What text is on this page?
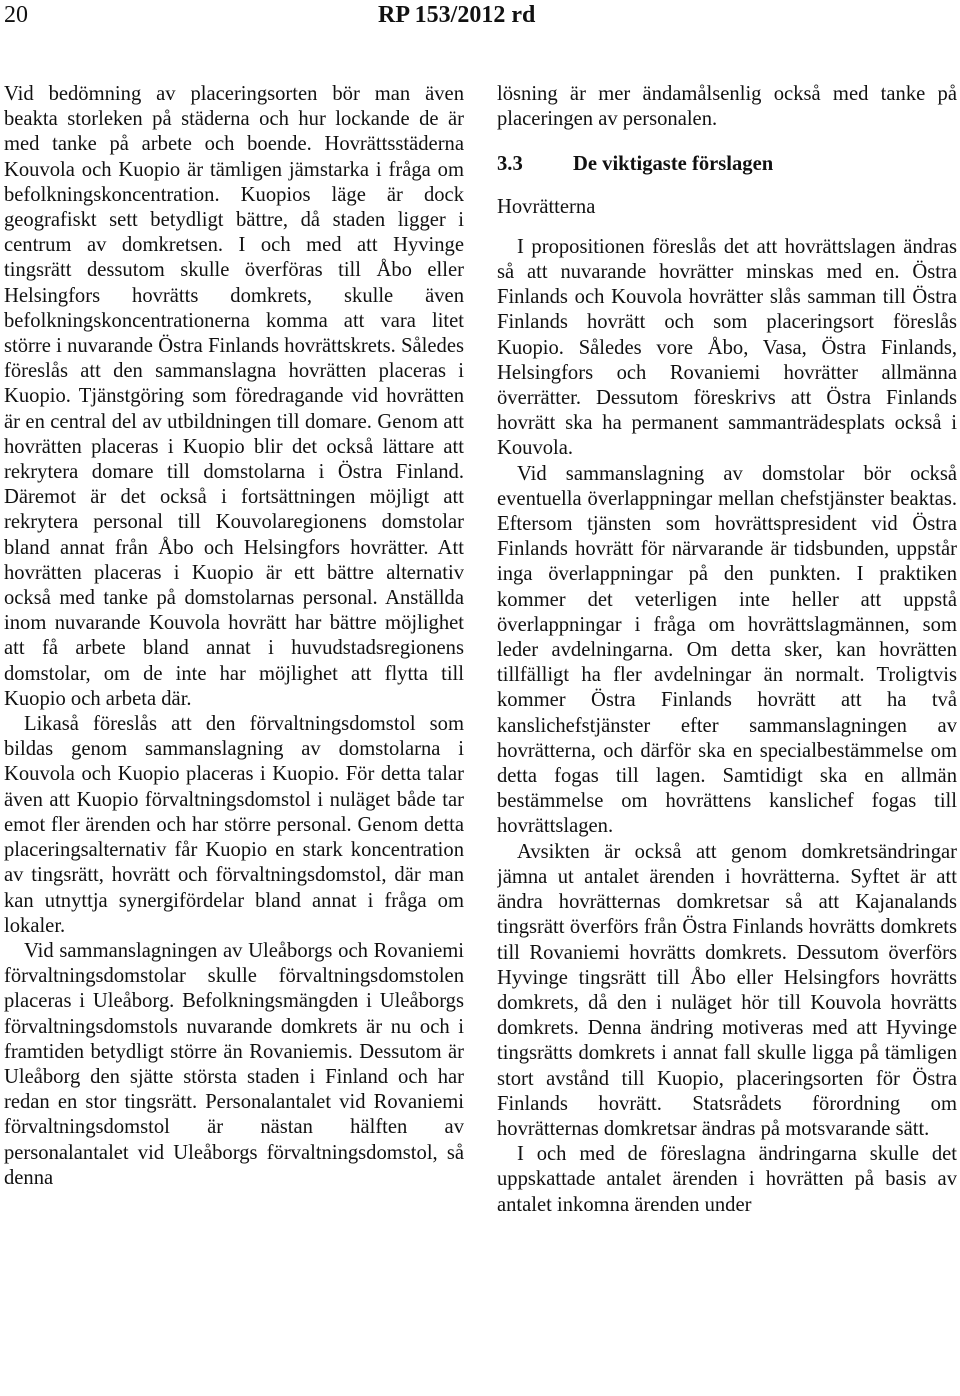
20	RP 153/2012 rd

Vid bedömning av placeringsorten bör man även beakta storleken på städerna och hur lockande de är med tanke på arbete och boende. Hovrättsstäderna Kouvola och Kuopio är tämligen jämstarka i fråga om befolkningskoncentration. Kuopios läge är dock geografiskt sett betydligt bättre, då staden ligger i centrum av domkretsen. I och med att Hyvinge tingsrätt dessutom skulle överföras till Åbo eller Helsingfors hovrätts domkrets, skulle även befolkningskoncentrationerna komma att vara litet större i nuvarande Östra Finlands hovrättskrets. Således föreslås att den sammanslagna hovrätten placeras i Kuopio. Tjänstgöring som föredragande vid hovrätten är en central del av utbildningen till domare. Genom att hovrätten placeras i Kuopio blir det också lättare att rekrytera domare till domstolarna i Östra Finland. Däremot är det också i fortsättningen möjligt att rekrytera personal till Kouvolaregionens domstolar bland annat från Åbo och Helsingfors hovrätter. Att hovrätten placeras i Kuopio är ett bättre alternativ också med tanke på domstolarnas personal. Anställda inom nuvarande Kouvola hovrätt har bättre möjlighet att få arbete bland annat i huvudstadsregionens domstolar, om de inte har möjlighet att flytta till Kuopio och arbeta där.

Likaså föreslås att den förvaltningsdomstol som bildas genom sammanslagning av domstolarna i Kouvola och Kuopio placeras i Kuopio. För detta talar även att Kuopio förvaltningsdomstol i nuläget både tar emot fler ärenden och har större personal. Genom detta placeringsalternativ får Kuopio en stark koncentration av tingsrätt, hovrätt och förvaltningsdomstol, där man kan utnyttja synergifördelar bland annat i fråga om lokaler.

Vid sammanslagningen av Uleåborgs och Rovaniemi förvaltningsdomstolar skulle förvaltningsdomstolen placeras i Uleåborg. Befolkningsmängden i Uleåborgs förvaltningsdomstols nuvarande domkrets är nu och i framtiden betydligt större än Rovaniemis. Dessutom är Uleåborg den sjätte största staden i Finland och har redan en stor tingsrätt. Personalantalet vid Rovaniemi förvaltningsdomstol är nästan hälften av personalantalet vid Uleåborgs förvaltningsdomstol, så denna

lösning är mer ändamålsenlig också med tanke på placeringen av personalen.

3.3 De viktigaste förslagen
Hovrätterna

I propositionen föreslås det att hovrättslagen ändras så att nuvarande hovrätter minskas med en. Östra Finlands och Kouvola hovrätter slås samman till Östra Finlands hovrätt och som placeringsort föreslås Kuopio. Således vore Åbo, Vasa, Östra Finlands, Helsingfors och Rovaniemi hovrätter allmänna överrätter. Dessutom föreskrivs att Östra Finlands hovrätt ska ha permanent sammanträdesplats också i Kouvola.

Vid sammanslagning av domstolar bör också eventuella överlappningar mellan chefstjänster beaktas. Eftersom tjänsten som hovrättspresident vid Östra Finlands hovrätt för närvarande är tidsbunden, uppstår inga överlappningar på den punkten. I praktiken kommer det veterligen inte heller att uppstå överlappningar i fråga om hovrättslagmännen, som leder avdelningarna. Om detta sker, kan hovrätten tillfälligt ha fler avdelningar än normalt. Troligtvis kommer Östra Finlands hovrätt att ha två kanslichefstjänster efter sammanslagningen av hovrätterna, och därför ska en specialbestämmelse om detta fogas till lagen. Samtidigt ska en allmän bestämmelse om hovrättens kanslichef fogas till hovrättslagen.

Avsikten är också att genom domkretsändringar jämna ut antalet ärenden i hovrätterna. Syftet är att ändra hovrätternas domkretsar så att Kajanalands tingsrätt överförs från Östra Finlands hovrätts domkrets till Rovaniemi hovrätts domkrets. Dessutom överförs Hyvinge tingsrätt till Åbo eller Helsingfors hovrätts domkrets, då den i nuläget hör till Kouvola hovrätts domkrets. Denna ändring motiveras med att Hyvinge tingsrätts domkrets i annat fall skulle ligga på tämligen stort avstånd till Kuopio, placeringsorten för Östra Finlands hovrätt. Statsrådets förordning om hovrätternas domkretsar ändras på motsvarande sätt.

I och med de föreslagna ändringarna skulle det uppskattade antalet ärenden i hovrätten på basis av antalet inkomna ärenden under
